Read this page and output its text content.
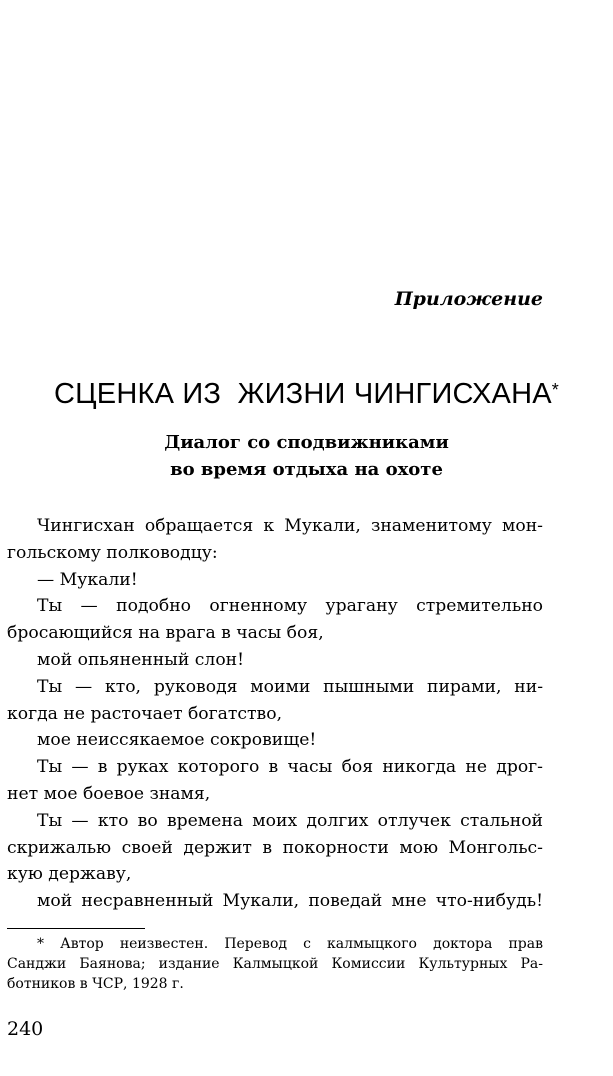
Приложение
СЦЕНКА ИЗ  ЖИЗНИ ЧИНГИСХАНА*
Диалог со сподвижниками
во время отдыха на охоте
Чингисхан обращается к Мукали, знаменитому мон-
гольскому полководцу:
— Мукали!
Ты — подобно огненному урагану стремительно
бросающийся на врага в часы боя,
мой опьяненный слон!
Ты — кто, руководя моими пышными пирами, ни-
когда не расточает богатство,
мое неиссякаемое сокровище!
Ты — в руках которого в часы боя никогда не дрог-
нет мое боевое знамя,
Ты — кто во времена моих долгих отлучек стальной
скрижалью своей держит в покорности мою Монгольс-
кую державу,
мой несравненный Мукали, поведай мне что-нибудь!
* Автор неизвестен. Перевод с калмыцкого доктора прав
Санджи Баянова; издание Калмыцкой Комиссии Культурных Ра-
ботников в ЧСР, 1928 г.
240
